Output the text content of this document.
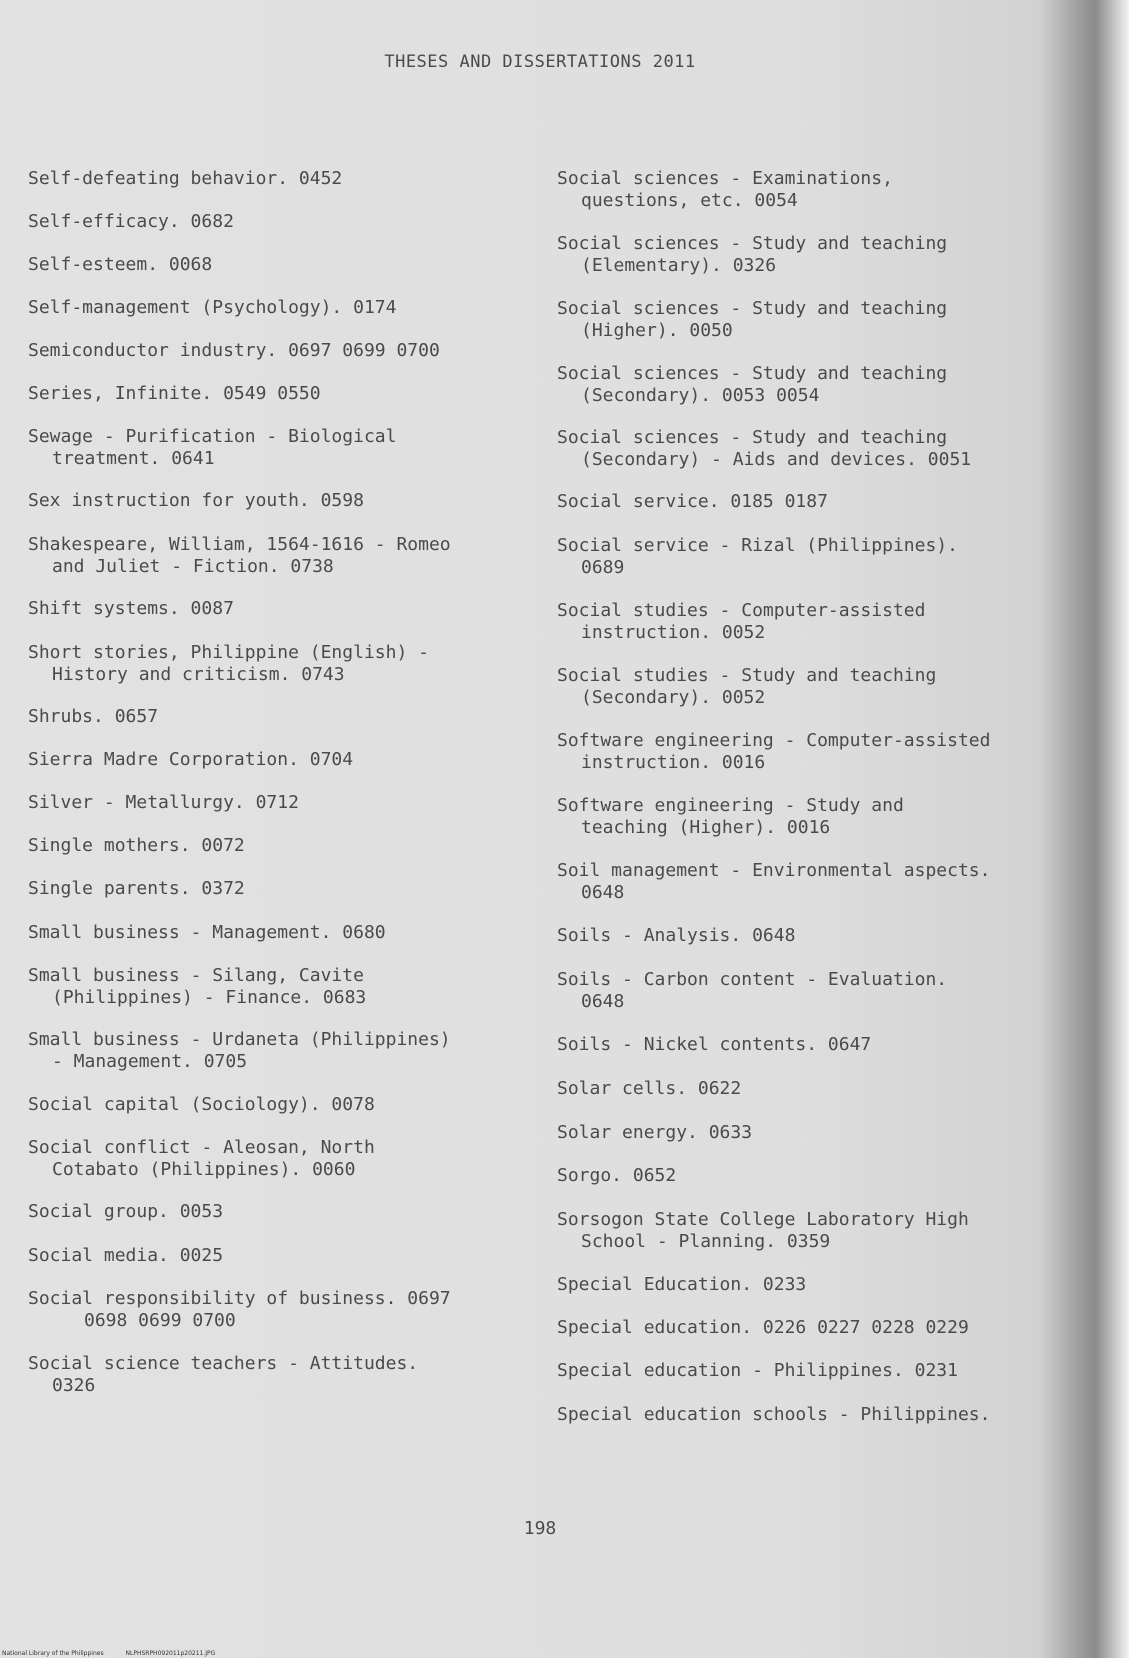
THESES AND DISSERTATIONS 2011
Self-defeating behavior. 0452
Self-efficacy. 0682
Self-esteem. 0068
Self-management (Psychology). 0174
Semiconductor industry. 0697 0699 0700
Series, Infinite. 0549 0550
Sewage - Purification - Biological
treatment. 0641
Sex instruction for youth. 0598
Shakespeare, William, 1564-1616 - Romeo
and Juliet - Fiction. 0738
Shift systems. 0087
Short stories, Philippine (English) -
History and criticism. 0743
Shrubs. 0657
Sierra Madre Corporation. 0704
Silver - Metallurgy. 0712
Single mothers. 0072
Single parents. 0372
Small business - Management. 0680
Small business - Silang, Cavite
(Philippines) - Finance. 0683
Small business - Urdaneta (Philippines)
- Management. 0705
Social capital (Sociology). 0078
Social conflict - Aleosan, North
Cotabato (Philippines). 0060
Social group. 0053
Social media. 0025
Social responsibility of business. 0697
0698 0699 0700
Social science teachers - Attitudes.
0326
Social sciences - Examinations,
questions, etc. 0054
Social sciences - Study and teaching
(Elementary). 0326
Social sciences - Study and teaching
(Higher). 0050
Social sciences - Study and teaching
(Secondary). 0053 0054
Social sciences - Study and teaching
(Secondary) - Aids and devices. 0051
Social service. 0185 0187
Social service - Rizal (Philippines).
0689
Social studies - Computer-assisted
instruction. 0052
Social studies - Study and teaching
(Secondary). 0052
Software engineering - Computer-assisted
instruction. 0016
Software engineering - Study and
teaching (Higher). 0016
Soil management - Environmental aspects.
0648
Soils - Analysis. 0648
Soils - Carbon content - Evaluation.
0648
Soils - Nickel contents. 0647
Solar cells. 0622
Solar energy. 0633
Sorgo. 0652
Sorsogon State College Laboratory High
School - Planning. 0359
Special Education. 0233
Special education. 0226 0227 0228 0229
Special education - Philippines. 0231
Special education schools - Philippines.
198
National Library of the Philippines	NLPHSRPH092011p20211.JPG
